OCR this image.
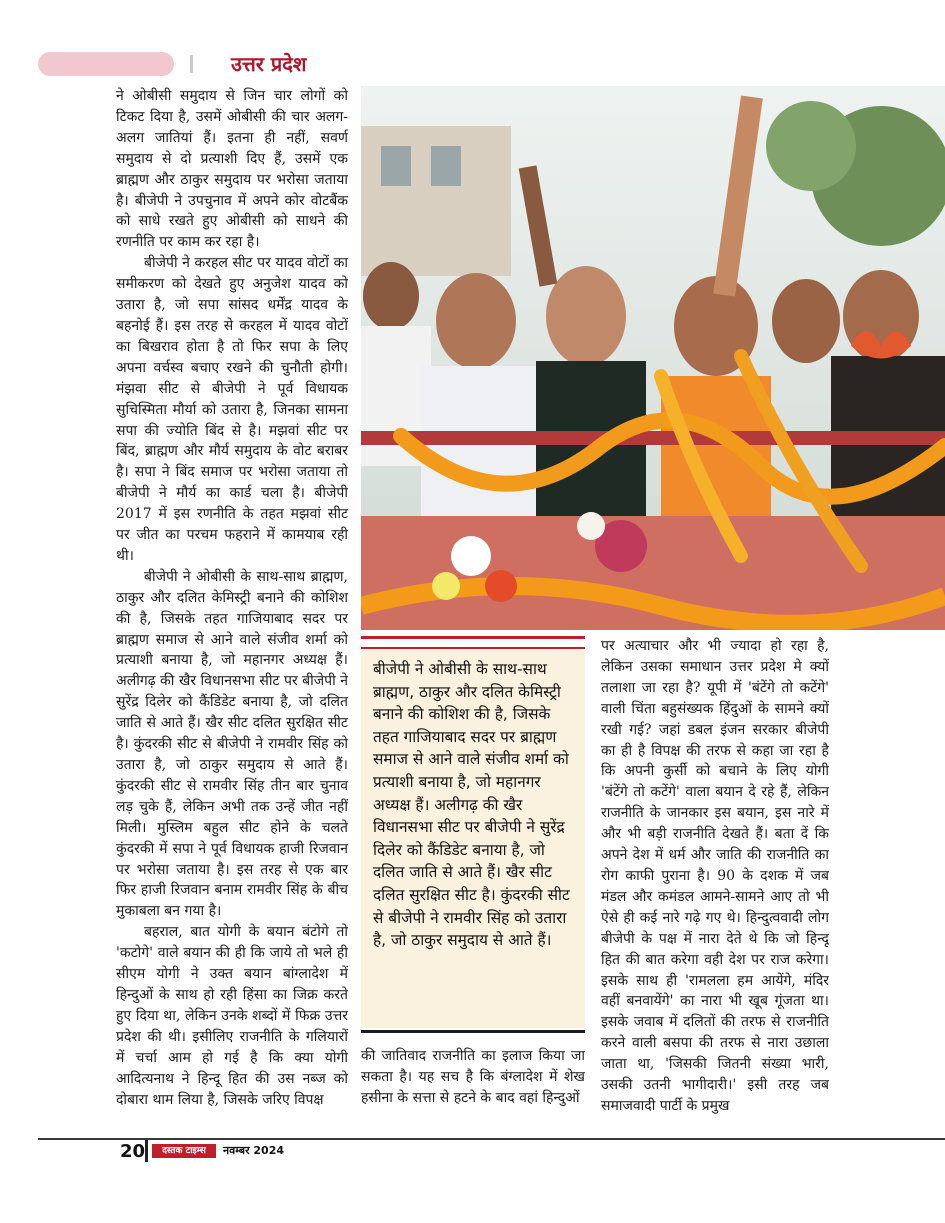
उत्तर प्रदेश

ने ओबीसी समुदाय से जिन चार लोगों को टिकट दिया है, उसमें ओबीसी की चार अलग-अलग जातियां हैं। इतना ही नहीं, सवर्ण समुदाय से दो प्रत्याशी दिए हैं, उसमें एक ब्राह्मण और ठाकुर समुदाय पर भरोसा जताया है। बीजेपी ने उपचुनाव में अपने कोर वोटबैंक को साधे रखते हुए ओबीसी को साधने की रणनीति पर काम कर रहा है।

बीजेपी ने करहल सीट पर यादव वोटों का समीकरण को देखते हुए अनुजेश यादव को उतारा है, जो सपा सांसद धर्मेंद्र यादव के बहनोई हैं। इस तरह से करहल में यादव वोटों का बिखराव होता है तो फिर सपा के लिए अपना वर्चस्व बचाए रखने की चुनौती होगी। मंझवा सीट से बीजेपी ने पूर्व विधायक सुचिस्मिता मौर्या को उतारा है, जिनका सामना सपा की ज्योति बिंद से है। मझवां सीट पर बिंद, ब्राह्मण और मौर्य समुदाय के वोट बराबर है। सपा ने बिंद समाज पर भरोसा जताया तो बीजेपी ने मौर्य का कार्ड चला है। बीजेपी 2017 में इस रणनीति के तहत मझवां सीट पर जीत का परचम फहराने में कामयाब रही थी।

बीजेपी ने ओबीसी के साथ-साथ ब्राह्मण, ठाकुर और दलित केमिस्ट्री बनाने की कोशिश की है, जिसके तहत गाजियाबाद सदर पर ब्राह्मण समाज से आने वाले संजीव शर्मा को प्रत्याशी बनाया है, जो महानगर अध्यक्ष हैं। अलीगढ़ की खैर विधानसभा सीट पर बीजेपी ने सुरेंद्र दिलेर को कैंडिडेट बनाया है, जो दलित जाति से आते हैं। खैर सीट दलित सुरक्षित सीट है। कुंदरकी सीट से बीजेपी ने रामवीर सिंह को उतारा है, जो ठाकुर समुदाय से आते हैं। कुंदरकी सीट से रामवीर सिंह तीन बार चुनाव लड़ चुके हैं, लेकिन अभी तक उन्हें जीत नहीं मिली। मुस्लिम बहुल सीट होने के चलते कुंदरकी में सपा ने पूर्व विधायक हाजी रिजवान पर भरोसा जताया है। इस तरह से एक बार फिर हाजी रिजवान बनाम रामवीर सिंह के बीच मुकाबला बन गया है।

बहराल, बात योगी के बयान बंटोगे तो 'कटोगे' वाले बयान की ही कि जाये तो भले ही सीएम योगी ने उक्त बयान बांग्लादेश में हिन्दुओं के साथ हो रही हिंसा का जिक्र करते हुए दिया था, लेकिन उनके शब्दों में फिक्र उत्तर प्रदेश की थी। इसीलिए राजनीति के गलियारों में चर्चा आम हो गई है कि क्या योगी आदित्यनाथ ने हिन्दू हित की उस नब्ज को दोबारा थाम लिया है, जिसके जरिए विपक्ष

बीजेपी ने ओबीसी के साथ-साथ ब्राह्मण, ठाकुर और दलित केमिस्ट्री बनाने की कोशिश की है, जिसके तहत गाजियाबाद सदर पर ब्राह्मण समाज से आने वाले संजीव शर्मा को प्रत्याशी बनाया है, जो महानगर अध्यक्ष हैं। अलीगढ़ की खैर विधानसभा सीट पर बीजेपी ने सुरेंद्र दिलेर को कैंडिडेट बनाया है, जो दलित जाति से आते हैं। खैर सीट दलित सुरक्षित सीट है। कुंदरकी सीट से बीजेपी ने रामवीर सिंह को उतारा है, जो ठाकुर समुदाय से आते हैं।

की जातिवाद राजनीति का इलाज किया जा सकता है। यह सच है कि बंग्लादेश में शेख हसीना के सत्ता से हटने के बाद वहां हिन्दुओं

पर अत्याचार और भी ज्यादा हो रहा है, लेकिन उसका समाधान उत्तर प्रदेश मे क्यों तलाशा जा रहा है? यूपी में 'बंटेंगे तो कटेंगे' वाली चिंता बहुसंख्यक हिंदुओं के सामने क्यों रखी गई? जहां डबल इंजन सरकार बीजेपी का ही है विपक्ष की तरफ से कहा जा रहा है कि अपनी कुर्सी को बचाने के लिए योगी 'बंटेंगे तो कटेंगे' वाला बयान दे रहे हैं, लेकिन राजनीति के जानकार इस बयान, इस नारे में और भी बड़ी राजनीति देखते हैं। बता दें कि अपने देश में धर्म और जाति की राजनीति का रोग काफी पुराना है। 90 के दशक में जब मंडल और कमंडल आमने-सामने आए तो भी ऐसे ही कई नारे गढ़े गए थे। हिन्दुत्ववादी लोग बीजेपी के पक्ष में नारा देते थे कि जो हिन्दू हित की बात करेगा वही देश पर राज करेगा। इसके साथ ही 'रामलला हम आयेंगे, मंदिर वहीं बनवायेंगे' का नारा भी खूब गूंजता था। इसके जवाब में दलितों की तरफ से राजनीति करने वाली बसपा की तरफ से नारा उछाला जाता था, 'जिसकी जितनी संख्या भारी, उसकी उतनी भागीदारी।' इसी तरह जब समाजवादी पार्टी के प्रमुख

20	दस्तक टाइम्स	नवम्बर 2024
